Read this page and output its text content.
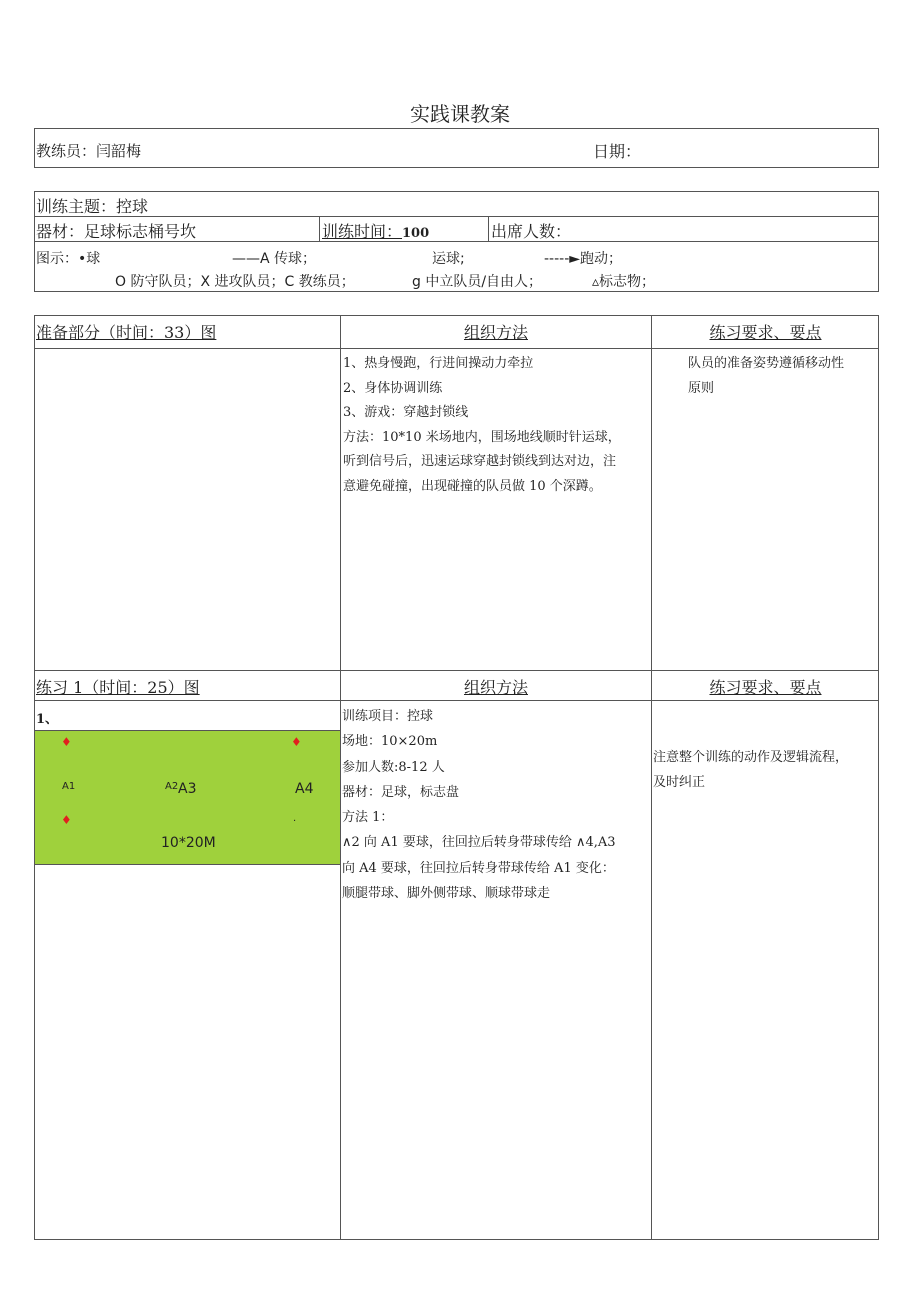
实践课教案
教练员：闫韶梅	日期：
训练主题：控球
器材：足球标志桶号坎	训练时间：100	出席人数：
图示：•球	——A 传球；	运球;	-----►跑动；
O 防守队员；X 进攻队员；C 教练员；	g 中立队员/自由人；	▵标志物；
准备部分（时间：33）图	组织方法	练习要求、要点
1、热身慢跑，行进间操动力牵拉
2、身体协调训练
3、游戏：穿越封锁线
方法：10*10 米场地内，围场地线顺时针运球，
听到信号后，迅速运球穿越封锁线到达对边，注
意避免碰撞，出现碰撞的队员做 10 个深蹲。
队员的准备姿势遵循移动性
原则
练习 1（时间：25）图	组织方法	练习要求、要点
1、
♦	♦
♦
A1	A2 A3	A4
.
10*20M
训练项目：控球
场地：10×20m
参加人数:8-12 人
器材：足球，标志盘
方法 1：
∧2 向 A1 要球，往回拉后转身带球传给 ∧4,A3
向 A4 要球，往回拉后转身带球传给 A1 变化：
顺腿带球、脚外侧带球、顺球带球走
注意整个训练的动作及逻辑流程，
及时纠正
